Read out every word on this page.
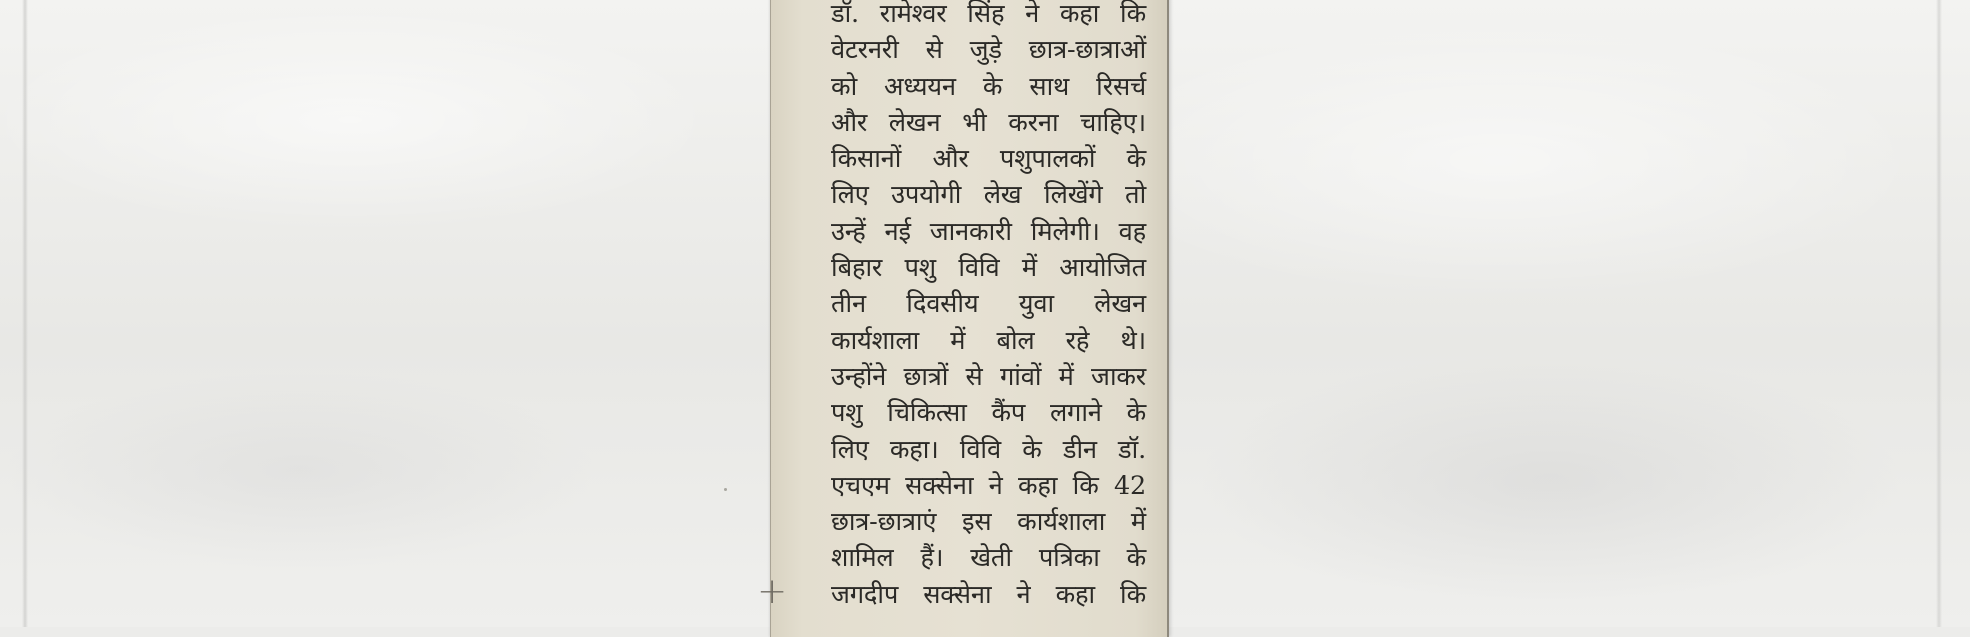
डॉ. रामेश्वर सिंह ने कहा कि
वेटरनरी से जुड़े छात्र-छात्राओं
को अध्ययन के साथ रिसर्च
और लेखन भी करना चाहिए।
किसानों और पशुपालकों के
लिए उपयोगी लेख लिखेंगे तो
उन्हें नई जानकारी मिलेगी। वह
बिहार पशु विवि में आयोजित
तीन दिवसीय युवा लेखन
कार्यशाला में बोल रहे थे।
उन्होंने छात्रों से गांवों में जाकर
पशु चिकित्सा कैंप लगाने के
लिए कहा। विवि के डीन डॉ.
एचएम सक्सेना ने कहा कि 42
छात्र-छात्राएं इस कार्यशाला में
शामिल हैं। खेती पत्रिका के
जगदीप सक्सेना ने कहा कि
+
